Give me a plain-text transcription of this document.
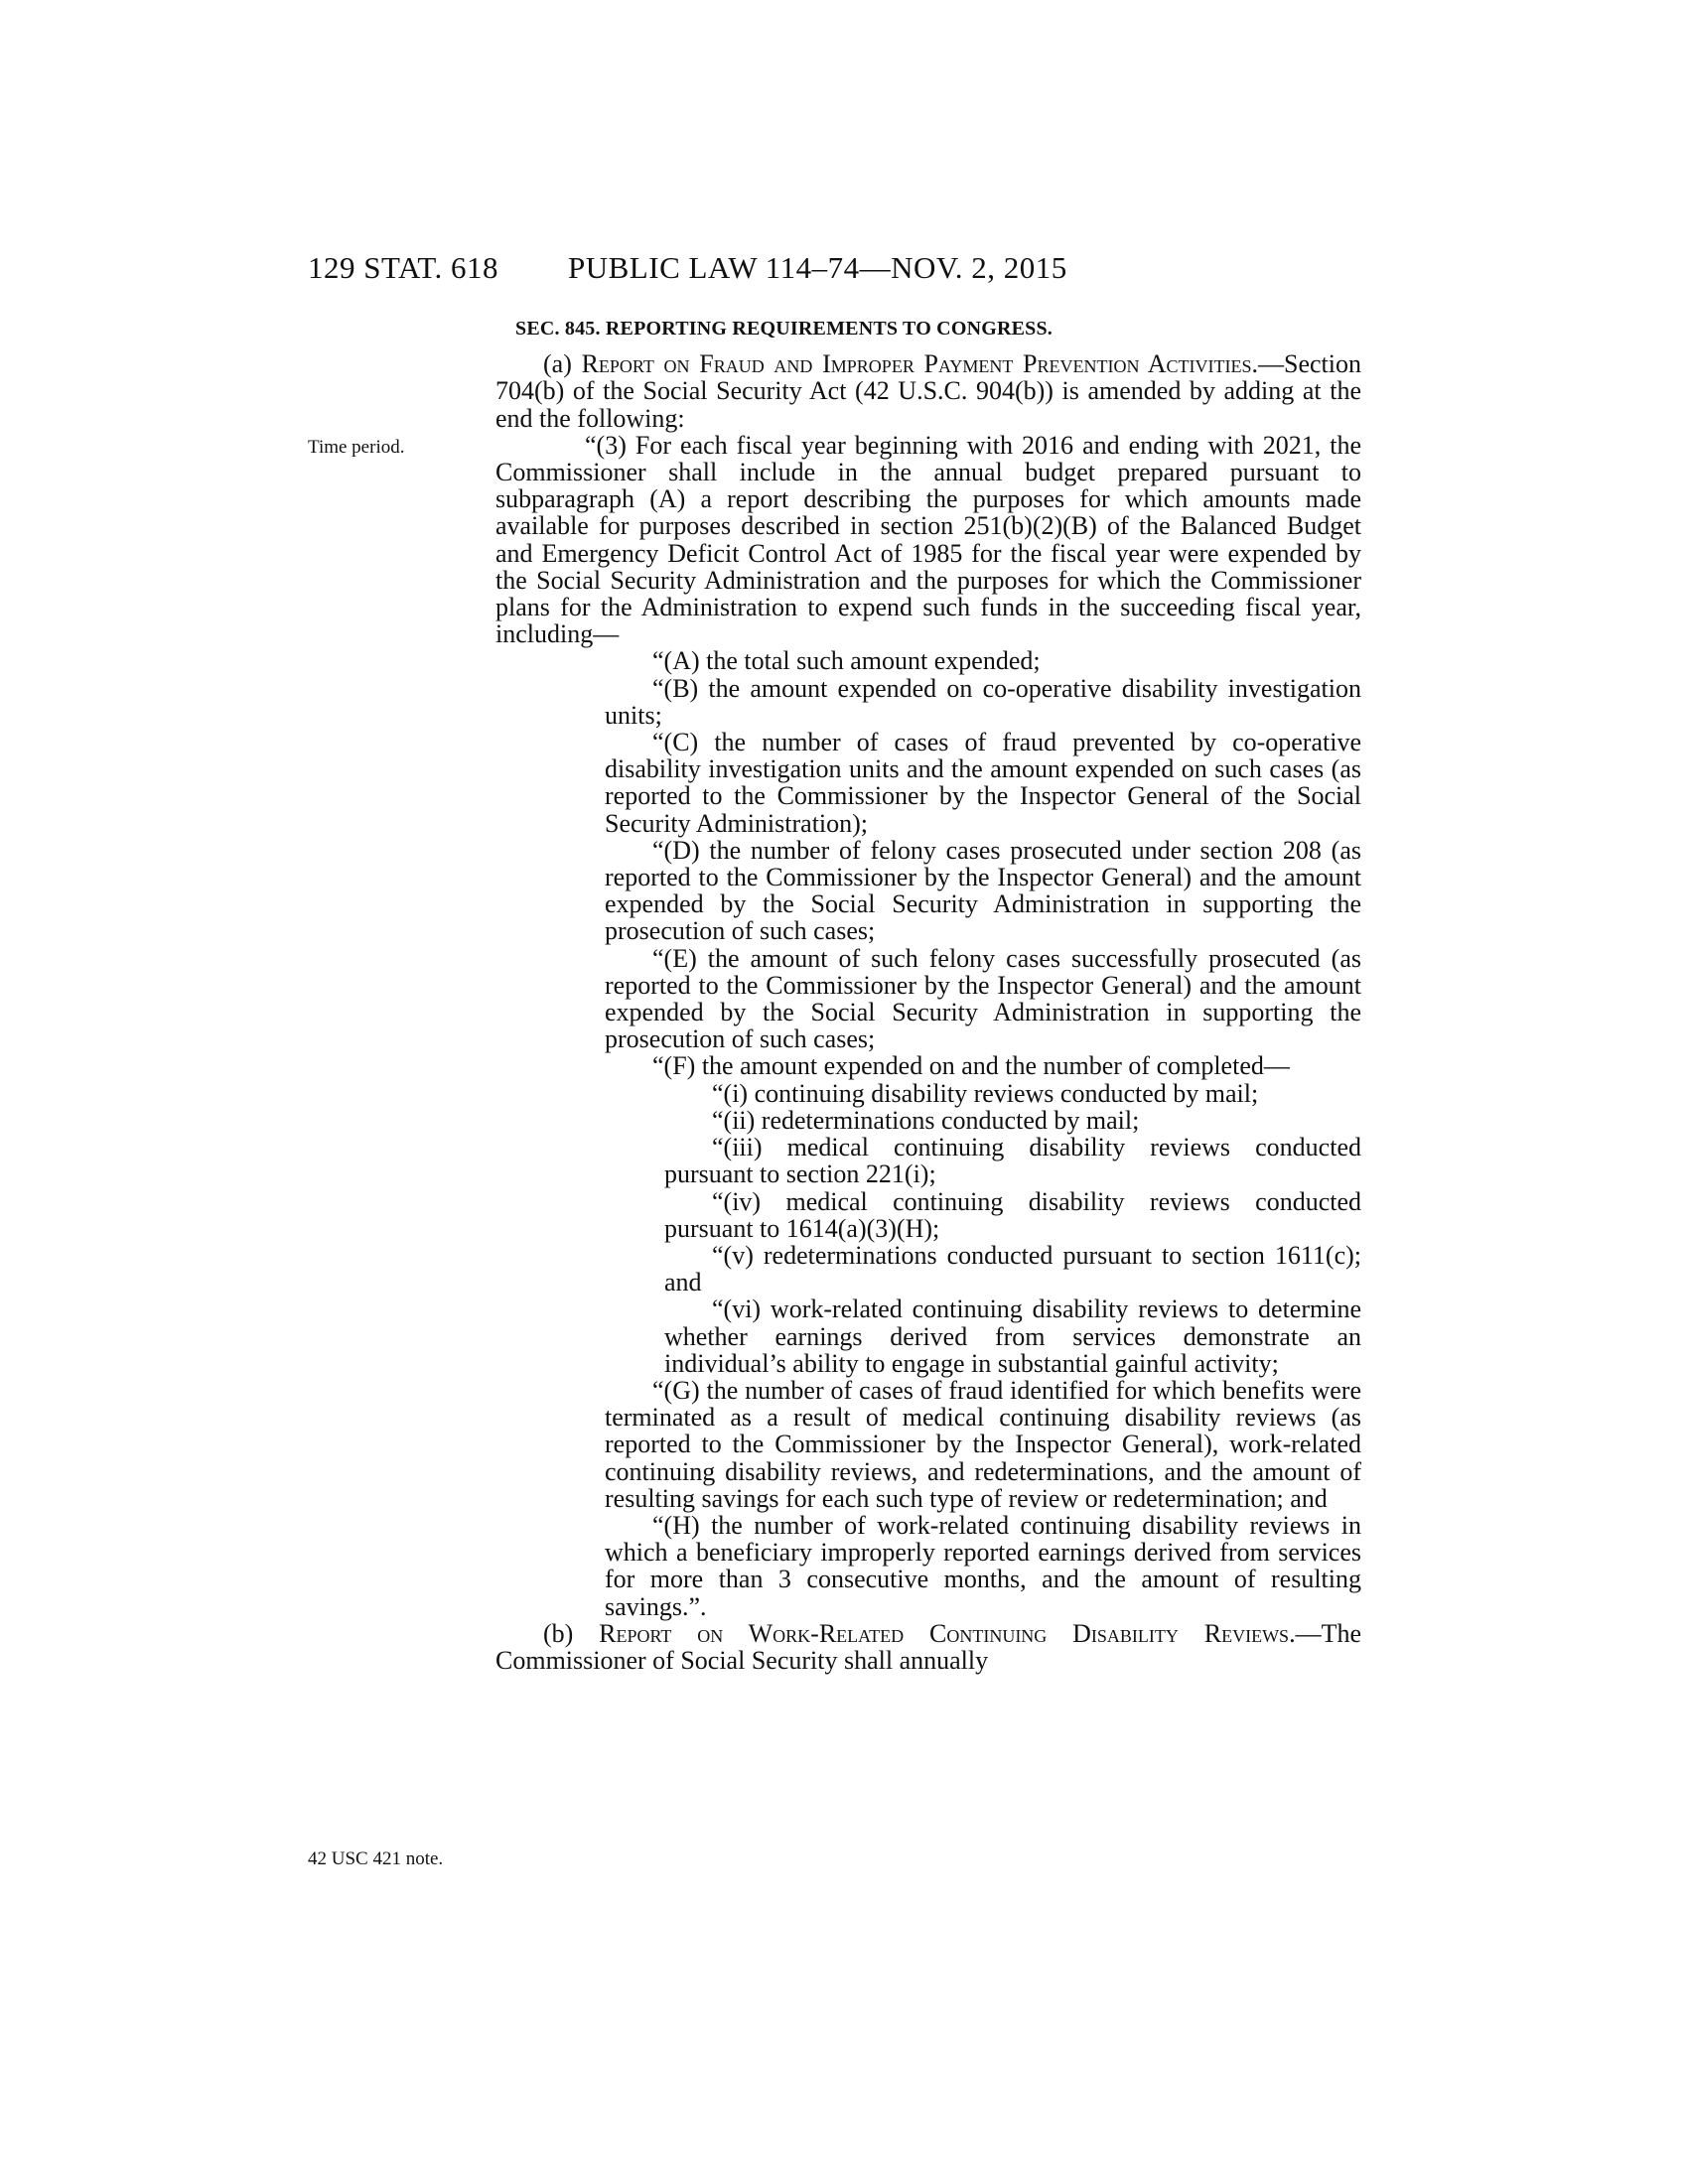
129 STAT. 618 PUBLIC LAW 114–74—NOV. 2, 2015
Time period.
42 USC 421 note.
SEC. 845. REPORTING REQUIREMENTS TO CONGRESS.

(a) Report on Fraud and Improper Payment Prevention Activities.—Section 704(b) of the Social Security Act (42 U.S.C. 904(b)) is amended by adding at the end the following:

“(3) For each fiscal year beginning with 2016 and ending with 2021, the Commissioner shall include in the annual budget prepared pursuant to subparagraph (A) a report describing the purposes for which amounts made available for purposes described in section 251(b)(2)(B) of the Balanced Budget and Emergency Deficit Control Act of 1985 for the fiscal year were expended by the Social Security Administration and the purposes for which the Commissioner plans for the Administration to expend such funds in the succeeding fiscal year, including—

“(A) the total such amount expended;

“(B) the amount expended on co-operative disability investigation units;

“(C) the number of cases of fraud prevented by co-operative disability investigation units and the amount expended on such cases (as reported to the Commissioner by the Inspector General of the Social Security Administration);

“(D) the number of felony cases prosecuted under section 208 (as reported to the Commissioner by the Inspector General) and the amount expended by the Social Security Administration in supporting the prosecution of such cases;

“(E) the amount of such felony cases successfully prosecuted (as reported to the Commissioner by the Inspector General) and the amount expended by the Social Security Administration in supporting the prosecution of such cases;

“(F) the amount expended on and the number of completed—

“(i) continuing disability reviews conducted by mail;

“(ii) redeterminations conducted by mail;

“(iii) medical continuing disability reviews conducted pursuant to section 221(i);

“(iv) medical continuing disability reviews conducted pursuant to 1614(a)(3)(H);

“(v) redeterminations conducted pursuant to section 1611(c); and

“(vi) work-related continuing disability reviews to determine whether earnings derived from services demonstrate an individual’s ability to engage in substantial gainful activity;

“(G) the number of cases of fraud identified for which benefits were terminated as a result of medical continuing disability reviews (as reported to the Commissioner by the Inspector General), work-related continuing disability reviews, and redeterminations, and the amount of resulting savings for each such type of review or redetermination; and

“(H) the number of work-related continuing disability reviews in which a beneficiary improperly reported earnings derived from services for more than 3 consecutive months, and the amount of resulting savings.”.

(b) Report on Work-Related Continuing Disability Reviews.—The Commissioner of Social Security shall annually
